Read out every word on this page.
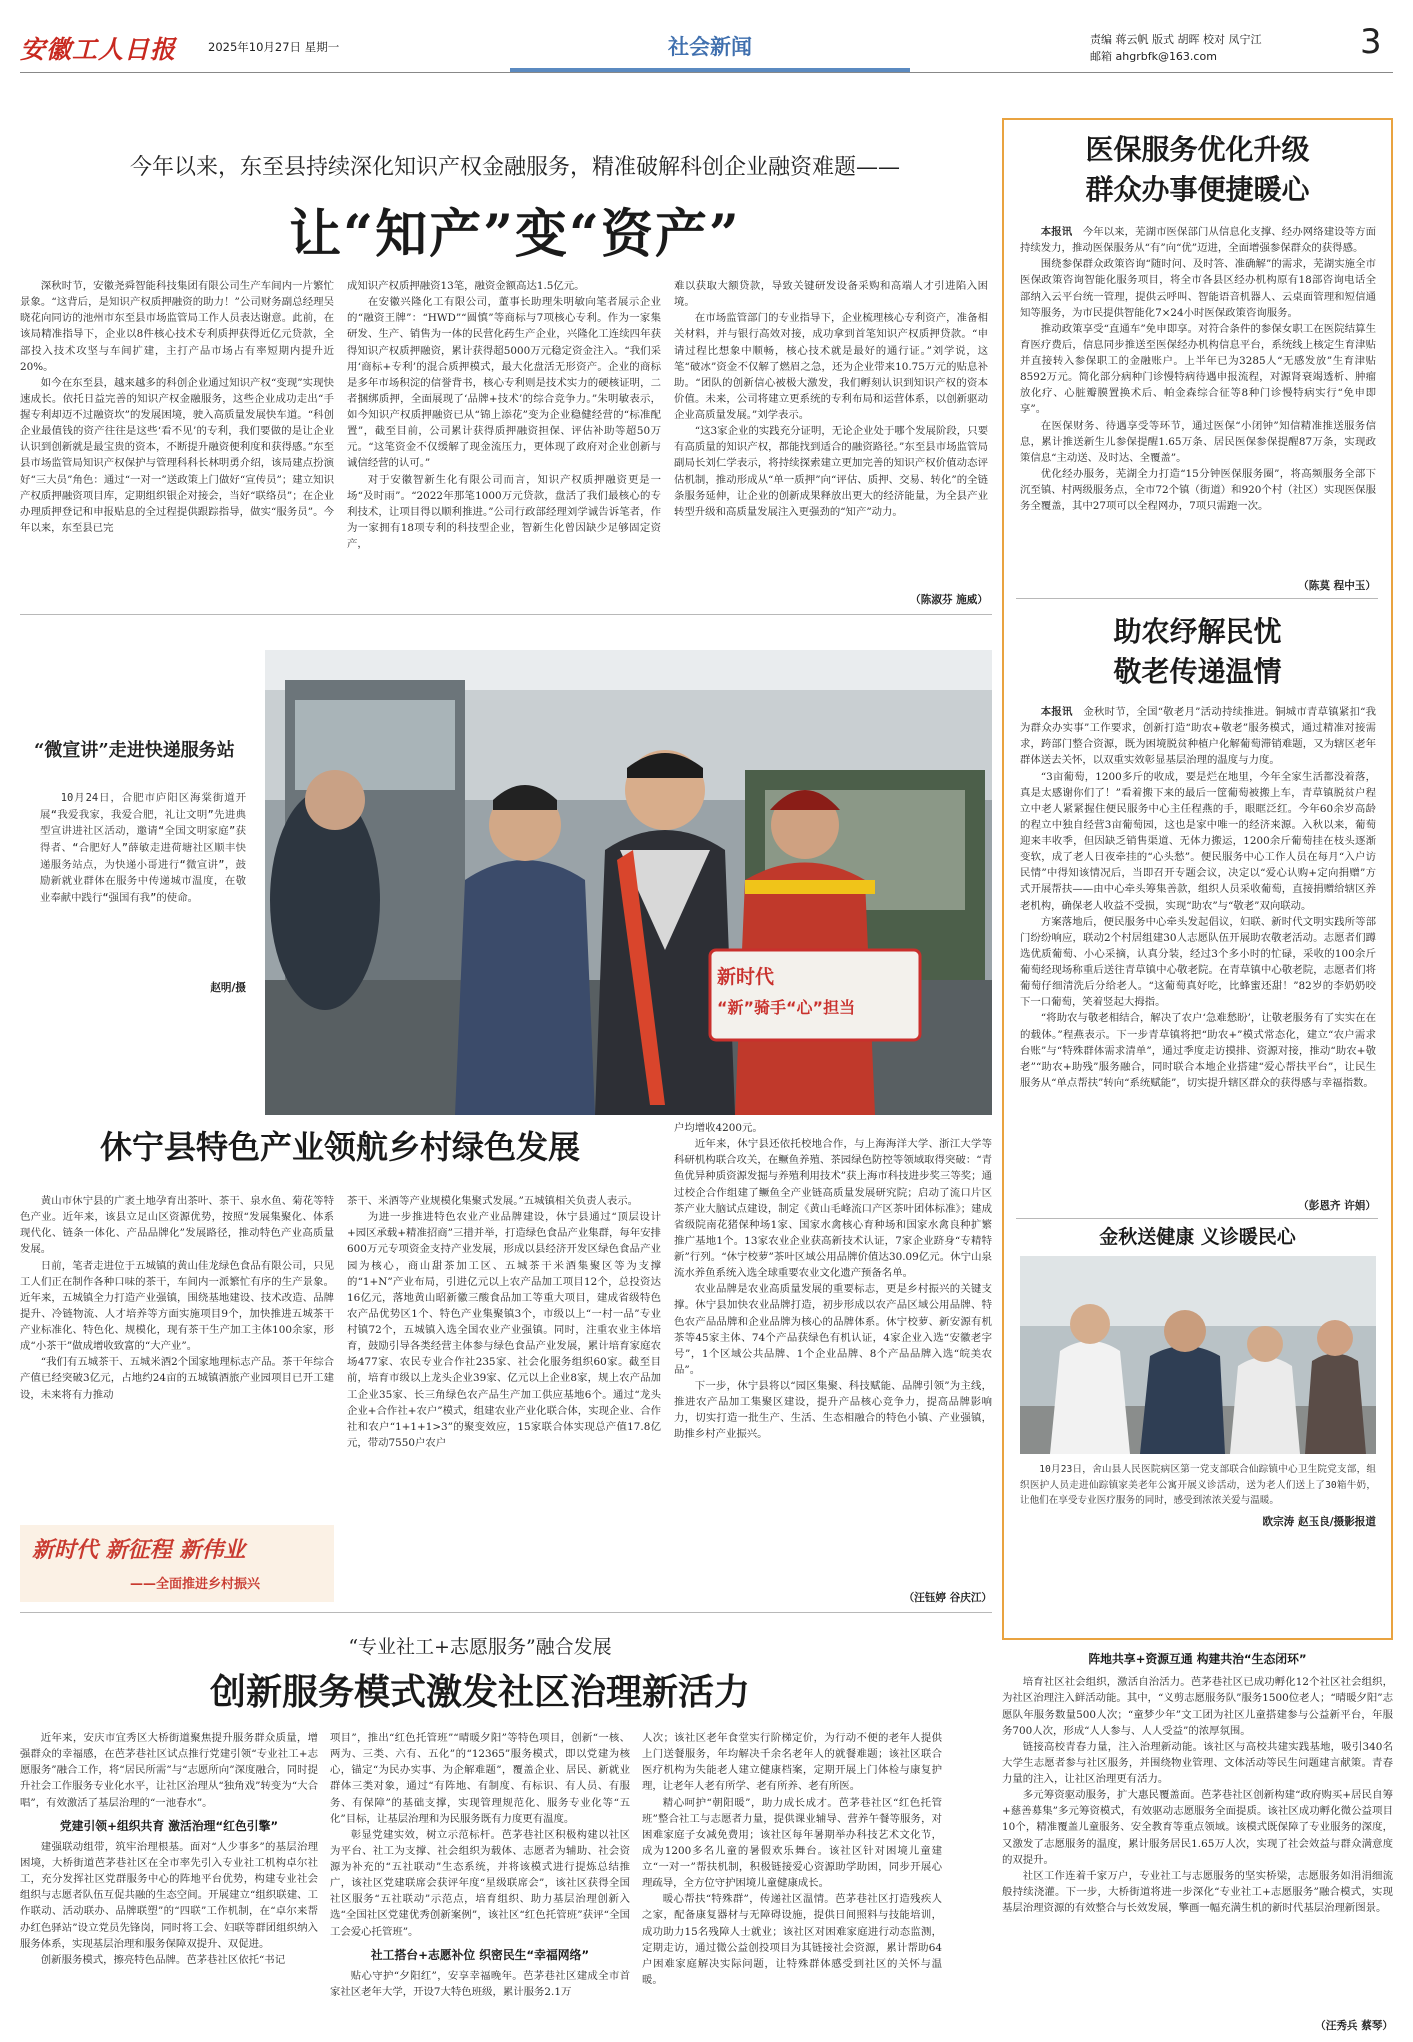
安徽工人日报	2025年10月27日 星期一	社会新闻	责编 蒋云帆 版式 胡晖 校对 凤宁江
邮箱 ahgrbfk@163.com	3
今年以来，东至县持续深化知识产权金融服务，精准破解科创企业融资难题——
让“知产”变“资产”

深秋时节，安徽尧舜智能科技集团有限公司生产车间内一片繁忙景象。“这背后，是知识产权质押融资的助力！”公司财务副总经理吴晓花向同访的池州市东至县市场监管局工作人员表达谢意。此前，在该局精准指导下，企业以8件核心技术专利质押获得近亿元贷款，全部投入技术攻坚与车间扩建，主打产品市场占有率短期内提升近20%。

如今在东至县，越来越多的科创企业通过知识产权“变现”实现快速成长。依托日益完善的知识产权金融服务，这些企业成功走出“手握专利却迈不过融资坎”的发展困境，驶入高质量发展快车道。“科创企业最值钱的资产往往是这些‘看不见’的专利，我们要做的是让企业认识到创新就是最宝贵的资本，不断提升融资便利度和获得感。”东至县市场监管局知识产权保护与管理科科长林明勇介绍，该局建点扮演好“三大员”角色：通过“一对一”送政策上门做好“宣传员”；建立知识产权质押融资项目库，定期组织银企对接会，当好“联络员”；在企业办理质押登记和申报贴息的全过程提供跟踪指导，做实“服务员”。今年以来，东至县已完

成知识产权质押融资13笔，融资金额高达1.5亿元。

在安徽兴隆化工有限公司，董事长助理朱明敏向笔者展示企业的“融资王牌”：“HWD”“圆慎”等商标与7项核心专利。作为一家集研发、生产、销售为一体的民营化药生产企业，兴隆化工连续四年获得知识产权质押融资，累计获得超5000万元稳定资金注入。“我们采用‘商标+专利’的混合质押模式，最大化盘活无形资产。企业的商标是多年市场积淀的信誉背书，核心专利则是技术实力的硬核证明，二者捆绑质押，全面展现了‘品牌+技术’的综合竞争力。”朱明敏表示，如今知识产权质押融资已从“锦上添花”变为企业稳健经营的“标准配置”，截至目前，公司累计获得质押融资担保、评估补助等超50万元。“这笔资金不仅缓解了现金流压力，更体现了政府对企业创新与诚信经营的认可。”

对于安徽智新生化有限公司而言，知识产权质押融资更是一场“及时雨”。“2022年那笔1000万元贷款，盘活了我们最核心的专利技术，让项目得以顺利推进。”公司行政部经理刘学诚告诉笔者，作为一家拥有18项专利的科技型企业，智新生化曾因缺少足够固定资产，

难以获取大额贷款，导致关键研发设备采购和高端人才引进陷入困境。

在市场监管部门的专业指导下，企业梳理核心专利资产，准备相关材料，并与银行高效对接，成功拿到首笔知识产权质押贷款。“申请过程比想象中顺畅，核心技术就是最好的通行证。”刘学说，这笔“破冰”资金不仅解了燃眉之急，还为企业带来10.75万元的贴息补助。“团队的创新信心被极大激发，我们孵刻认识到知识产权的资本价值。未来，公司将建立更系统的专利布局和运营体系，以创新驱动企业高质量发展。”刘学表示。

“这3家企业的实践充分证明，无论企业处于哪个发展阶段，只要有高质量的知识产权，都能找到适合的融资路径。”东至县市场监管局副局长刘仁学表示，将持续探索建立更加完善的知识产权价值动态评估机制，推动形成从“单一质押”向“评估、质押、交易、转化”的全链条服务延伸，让企业的创新成果释放出更大的经济能量，为全县产业转型升级和高质量发展注入更强劲的“知产”动力。

（陈淑芬 施威）
“微宣讲”走进快递服务站
10月24日，合肥市庐阳区海棠街道开展“我爱我家，我爱合肥，礼让文明”先进典型宣讲进社区活动，邀请“全国文明家庭”获得者、“合肥好人”薛敏走进荷塘社区顺丰快递服务站点，为快递小哥进行“微宣讲”，鼓励新就业群体在服务中传递城市温度，在敬业奉献中践行“强国有我”的使命。
赵明/摄	新时代
“新”骑手“心”担当
休宁县特色产业领航乡村绿色发展

黄山市休宁县的广袤土地孕育出茶叶、茶干、泉水鱼、菊花等特色产业。近年来，该县立足山区资源优势，按照“发展集聚化、体系现代化、链条一体化、产品品牌化”发展路径，推动特色产业高质量发展。

日前，笔者走进位于五城镇的黄山佳龙绿色食品有限公司，只见工人们正在制作各种口味的茶干，车间内一派繁忙有序的生产景象。近年来，五城镇全力打造产业强镇，围绕基地建设、技术改造、品牌提升、冷链物流、人才培养等方面实施项目9个，加快推进五城茶干产业标准化、特色化、规模化，现有茶干生产加工主体100余家，形成“小茶干”做成增收致富的“大产业”。

“我们有五城茶干、五城米酒2个国家地理标志产品。茶干年综合产值已经突破3亿元，占地约24亩的五城镇酒旅产业园项目已开工建设，未来将有力推动

新时代 新征程 新伟业
——全面推进乡村振兴

茶干、米酒等产业规模化集聚式发展。”五城镇相关负责人表示。

为进一步推进特色农业产业品牌建设，休宁县通过“顶层设计+园区承载+精准招商”三措并举，打造绿色食品产业集群，每年安排600万元专项资金支持产业发展，形成以县经济开发区绿色食品产业园为核心，商山甜茶加工区、五城茶干米酒集聚区等为支撑的“1+N”产业布局，引进亿元以上农产品加工项目12个，总投资达16亿元，落地黄山昭新徽三酸食品加工等重大项目，建成省级特色农产品优势区1个、特色产业集聚镇3个，市级以上“一村一品”专业村镇72个，五城镇入选全国农业产业强镇。同时，注重农业主体培育，鼓励引导各类经营主体参与绿色食品产业发展，累计培育家庭农场477家、农民专业合作社235家、社会化服务组织60家。截至目前，培育市级以上龙头企业39家、亿元以上企业8家，规上农产品加工企业35家、长三角绿色农产品生产加工供应基地6个。通过“龙头企业+合作社+农户”模式，组建农业产业化联合体，实现企业、合作社和农户“1+1+1>3”的聚变效应，15家联合体实现总产值17.8亿元，带动7550户农户

户均增收4200元。

近年来，休宁县还依托校地合作，与上海海洋大学、浙江大学等科研机构联合攻关，在鳜鱼养殖、茶园绿色防控等领域取得突破：“青鱼优异种质资源发掘与养殖利用技术”获上海市科技进步奖三等奖；通过校企合作组建了鳜鱼全产业链高质量发展研究院；启动了流口片区茶产业大脑试点建设，制定《黄山毛峰流口产区茶叶团体标准》；建成省级院南花猪保种场1家、国家水禽核心育种场和国家水禽良种扩繁推广基地1个。13家农业企业获高新技术认证，7家企业跻身“专精特新”行列。“休宁校萝”茶叶区域公用品牌价值达30.09亿元。休宁山泉流水养鱼系统入选全球重要农业文化遗产预备名单。

农业品牌是农业高质量发展的重要标志，更是乡村振兴的关键支撑。休宁县加快农业品牌打造，初步形成以农产品区域公用品牌、特色农产品品牌和企业品牌为核心的品牌体系。休宁校萝、新安源有机茶等45家主体、74个产品获绿色有机认证，4家企业入选“安徽老字号”，1个区域公共品牌、1个企业品牌、8个产品品牌入选“皖美农品”。

下一步，休宁县将以“园区集聚、科技赋能、品牌引领”为主线，推进农产品加工集聚区建设，提升产品核心竞争力，提高品牌影响力，切实打造一批生产、生活、生态相融合的特色小镇、产业强镇，助推乡村产业振兴。

（汪钰婷 谷庆江）
“专业社工+志愿服务”融合发展
创新服务模式激发社区治理新活力

近年来，安庆市宜秀区大桥街道聚焦提升服务群众质量，增强群众的幸福感，在芭茅巷社区试点推行党建引领“专业社工+志愿服务”融合工作，将“居民所需”与“志愿所向”深度融合，同时提升社会工作服务专业化水平，让社区治理从“独角戏”转变为“大合唱”，有效激活了基层治理的“一池春水”。

党建引领+组织共育 激活治理“红色引擎”

建强联动组带，筑牢治理根基。面对“人少事多”的基层治理困境，大桥街道芭茅巷社区在全市率先引入专业社工机构卓尔社工，充分发挥社区党群服务中心的阵地平台优势，构建专业社会组织与志愿者队伍互促共融的生态空间。开展建立“组织联建、工作联动、活动联办、品牌联塑”的“四联”工作机制，在“卓尔来帮办红色驿站”设立党员先锋岗，同时将工会、妇联等群团组织纳入服务体系，实现基层治理和服务保障双提升、双促进。

创新服务模式，擦亮特色品牌。芭茅巷社区依托“书记

项目”，推出“红色托管班”“晴暖夕阳”等特色项目，创新“一核、两为、三类、六有、五化”的“12365”服务模式，即以党建为核心，锚定“为民办实事、为企解难题”，覆盖企业、居民、新就业群体三类对象，通过“有阵地、有制度、有标识、有人员、有服务、有保障”的基础支撑，实现管理规范化、服务专业化等“五化”目标，让基层治理和为民服务既有力度更有温度。

彰显党建实效，树立示范标杆。芭茅巷社区积极构建以社区为平台、社工为支撑、社会组织为载体、志愿者为辅助、社会资源为补充的“五社联动”生态系统，并将该模式进行提炼总结推广，该社区党建联席会获评年度“星级联席会”，该社区获得全国社区服务“五社联动”示范点，培育组织、助力基层治理创新入选“全国社区党建优秀创新案例”，该社区“红色托管班”获评“全国工会爱心托管班”。

社工搭台+志愿补位 织密民生“幸福网络”

贴心守护“夕阳红”，安享幸福晚年。芭茅巷社区建成全市首家社区老年大学，开设7大特色班级，累计服务2.1万

人次；该社区老年食堂实行阶梯定价，为行动不便的老年人提供上门送餐服务，年均解决千余名老年人的就餐难题；该社区联合医疗机构为失能老人建立健康档案，定期开展上门体检与康复护理，让老年人老有所学、老有所养、老有所医。

精心呵护“朝阳暖”，助力成长成才。芭茅巷社区“红色托管班”整合社工与志愿者力量，提供课业辅导、营养午餐等服务，对困难家庭子女减免费用；该社区每年暑期举办科技艺术文化节，成为1200多名儿童的暑假欢乐舞台。该社区针对困境儿童建立“一对一”帮扶机制，积极链接爱心资源助学助困，同步开展心理疏导，全方位守护困境儿童健康成长。

暖心帮扶“特殊群”，传递社区温情。芭茅巷社区打造残疾人之家，配备康复器材与无障碍设施，提供日间照料与技能培训，成功助力15名残障人士就业；该社区对困难家庭进行动态监测，定期走访，通过微公益创投项目为其链接社会资源，累计帮助64户困难家庭解决实际问题，让特殊群体感受到社区的关怀与温暖。

阵地共享+资源互通 构建共治“生态闭环”

培育社区社会组织，激活自治活力。芭茅巷社区已成功孵化12个社区社会组织，为社区治理注入鲜活动能。其中，“义剪志愿服务队”服务1500位老人；“晴暖夕阳”志愿队年服务数量500人次；“童梦少年”文工团为社区儿童搭建参与公益新平台，年服务700人次，形成“人人参与、人人受益”的浓厚氛围。

链接高校青春力量，注入治理新动能。该社区与高校共建实践基地，吸引340名大学生志愿者参与社区服务，并围绕物业管理、文体活动等民生问题建言献策。青春力量的注入，让社区治理更有活力。

多元筹资驱动服务，扩大惠民覆盖面。芭茅巷社区创新构建“政府购买+居民自筹+慈善募集”多元筹资模式，有效驱动志愿服务全面提质。该社区成功孵化微公益项目10个，精准覆盖儿童服务、安全教育等重点领域。该模式既保障了专业服务的深度，又激发了志愿服务的温度，累计服务居民1.65万人次，实现了社会效益与群众满意度的双提升。

社区工作连着千家万户，专业社工与志愿服务的坚实桥梁，志愿服务如涓涓细流般持续浇灌。下一步，大桥街道将进一步深化“专业社工+志愿服务”融合模式，实现基层治理资源的有效整合与长效发展，擎画一幅充满生机的新时代基层治理新图景。

（汪秀兵 蔡琴）
医保服务优化升级
群众办事便捷暖心

本报讯　 今年以来，芜湖市医保部门从信息化支撑、经办网络建设等方面持续发力，推动医保服务从“有”向“优”迈进，全面增强参保群众的获得感。

围绕参保群众政策咨询“随时问、及时答、准确解”的需求，芜湖实施全市医保政策咨询智能化服务项目，将全市各县区经办机构原有18部咨询电话全部纳入云平台统一管理，提供云呼叫、智能语音机器人、云桌面管理和短信通知等服务，为市民提供智能化7×24小时医保政策咨询服务。

推动政策享受“直通车”免申即享。对符合条件的参保女职工在医院结算生育医疗费后，信息同步推送至医保经办机构信息平台，系统线上核定生育津贴并直接转入参保职工的金融账户。上半年已为3285人“无感发放”生育津贴8592万元。简化部分病种门诊慢特病待遇申报流程，对源肾衰竭透析、肿瘤放化疗、心脏瓣膜置换术后、帕金森综合征等8种门诊慢特病实行“免申即享”。

在医保财务、待遇享受等环节，通过医保“小闭钟”知信精准推送服务信息，累计推送新生儿参保提醒1.65万条、居民医保参保提醒87万条，实现政策信息“主动送、及时达、全覆盖”。

优化经办服务，芜湖全力打造“15分钟医保服务圈”，将高频服务全部下沉至镇、村两级服务点，全市72个镇（街道）和920个村（社区）实现医保服务全覆盖，其中27项可以全程网办，7项只需跑一次。

（陈莫 程中玉）
助农纾解民忧
敬老传递温情

本报讯　 金秋时节，全国“敬老月”活动持续推进。铜城市青草镇紧扣“我为群众办实事”工作要求，创新打造“助农+敬老”服务模式，通过精准对接需求，跨部门整合资源，既为困境脱贫种植户化解葡萄滞销难题，又为辖区老年群体送去关怀，以双重实效彰显基层治理的温度与力度。

“3亩葡萄，1200多斤的收成，要是烂在地里，今年全家生活都没着落，真是太感谢你们了！”看着搬下来的最后一筐葡萄被搬上车，青草镇脱贫户程立中老人紧紧握住便民服务中心主任程燕的手，眼眶泛红。今年60余岁高龄的程立中独自经营3亩葡萄园，这也是家中唯一的经济来源。入秋以来，葡萄迎来丰收季，但因缺乏销售渠道、无体力搬运，1200余斤葡萄挂在枝头逐渐变软，成了老人日夜牵挂的“心头愁”。便民服务中心工作人员在每月“入户访民情”中得知该情况后，当即召开专题会议，决定以“爱心认购+定向捐赠”方式开展帮扶——由中心牵头筹集善款，组织人员采收葡萄，直接捐赠给辖区养老机构，确保老人收益不受损，实现“助农”与“敬老”双向联动。

方案落地后，便民服务中心牵头发起倡议，妇联、新时代文明实践所等部门纷纷响应，联动2个村居组建30人志愿队伍开展助农敬老活动。志愿者们蹲选优质葡萄、小心采摘，认真分装，经过3个多小时的忙碌，采收的100余斤葡萄经现场称重后送往青草镇中心敬老院。在青草镇中心敬老院，志愿者们将葡萄仔细清洗后分给老人。“这葡萄真好吃，比蜂蜜还甜！”82岁的李奶奶咬下一口葡萄，笑着竖起大拇指。

“将助农与敬老相结合，解决了农户‘急难愁盼’，让敬老服务有了实实在在的载体。”程燕表示。下一步青草镇将把“助农+”模式常态化，建立“农户需求台账”与“特殊群体需求清单”，通过季度走访摸排、资源对接，推动“助农+敬老”“助农+助残”服务融合，同时联合本地企业搭建“爱心帮扶平台”，让民生服务从“单点帮扶”转向“系统赋能”，切实提升辖区群众的获得感与幸福指数。

（彭恩齐 许娟）
金秋送健康 义诊暖民心
10月23日，舍山县人民医院病区第一党支部联合仙踪镇中心卫生院党支部，组织医护人员走进仙踪镇家美老年公寓开展义诊活动，送为老人们送上了30箱牛奶，让他们在享受专业医疗服务的同时，感受到浓浓关爱与温暖。
欧宗涛 赵玉良/摄影报道
